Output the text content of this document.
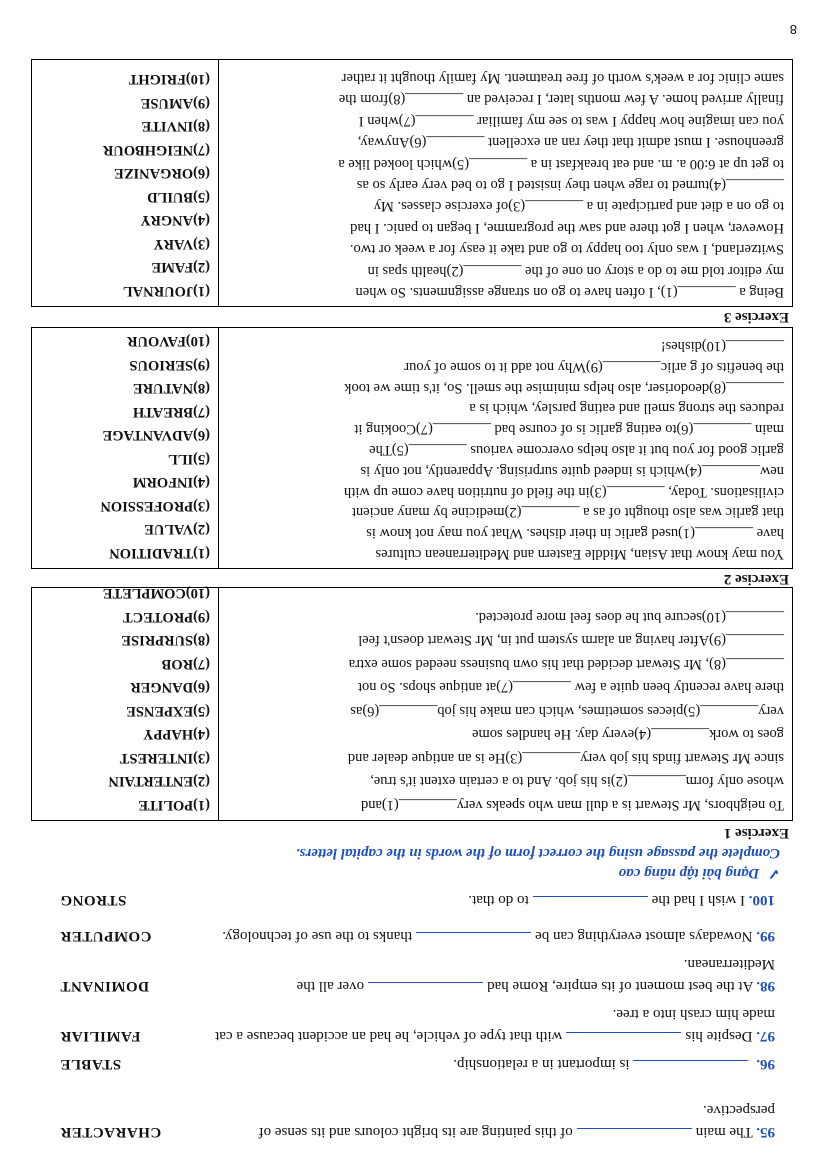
95. The mainof this painting are its bright colours and its sense of perspective.
CHARACTER
96. is important in a relationship.
STABLE
97. Despite hiswith that type of vehicle, he had an accident because a cat made him crash into a tree.
FAMILIAR
98. At the best moment of its empire, Rome hadover all the Mediterranean.
DOMINANT
99. Nowadays almost everything can bethanks to the use of technology.
COMPUTER
100. I wish I had theto do that.
STRONG
✓Dạng bài tập nâng cao
Complete the passage using the correct form of the words in the capital letters.
Exercise 1
To neighbors, Mr Stewart is a dull man who speaks very________(1)and
whose only form________(2)is his job. And to a certain extent it's true,
since Mr Stewart finds his job very________(3)He is an antique dealer and
goes to work________(4)every day. He handles some
very________(5)pieces sometimes, which can make his job________(6)as
there have recently been quite a few ________(7)at antique shops. So not
________(8), Mr Stewart decided that his own business needed some extra
________(9)After having an alarm system put in, Mr Stewart doesn't feel
________(10)secure but he does feel more protected.
(1)POLITE
(2)ENTERTAIN
(3)INTEREST
(4)HAPPY
(5)EXPENSE
(6)DANGER
(7)ROB
(8)SURPRISE
(9)PROTECT
(10)COMPLETE
Exercise 2
You may know that Asian, Middle Eastern and Mediterranean cultures
have ________(1)used garlic in their dishes. What you may not know is
that garlic was also thought of as a ________(2)medicine by many ancient
civilisations. Today, ________(3)in the field of nutrition have come up with
new________(4)which is indeed quite surprising. Apparently, not only is
garlic good for you but it also helps overcome various ________(5)The
main ________(6)to eating garlic is of course bad ________(7)Cooking it
reduces the strong smell and eating parsley, which is a
________(8)deodoriser, also helps minimise the smell. So, it's time we took
the benefits of g arlic________(9)Why not add it to some of your
________(10)dishes!
(1)TRADITION
(2)VALUE
(3)PROFESSION
(4)INFORM
(5)ILL
(6)ADVANTAGE
(7)BREATH
(8)NATURE
(9)SERIOUS
(10)FAVOUR
Exercise 3
Being a ________(1), I often have to go on strange assignments. So when
my editor told me to do a story on one of the ________(2)health spas in
Switzerland, I was only too happy to go and take it easy for a week or two.
However, when I got there and saw the programme, I began to panic. I had
to go on a diet and participate in a ________(3)of exercise classes. My
________(4)turned to rage when they insisted I go to bed very early so as
to get up at 6:00 a. m. and eat breakfast in a ________(5)which looked like a
greenhouse. I must admit that they ran an excellent ________(6)Anyway,
you can imagine how happy I was to see my familiar ________(7)when I
finally arrived home. A few months later, I received an ________(8)from the
same clinic for a week's worth of free treatment. My family thought it rather
(1)JOURNAL
(2)FAME
(3)VARY
(4)ANGRY
(5)BUILD
(6)ORGANIZE
(7)NEIGHBOUR
(8)INVITE
(9)AMUSE
(10)FRIGHT
8
